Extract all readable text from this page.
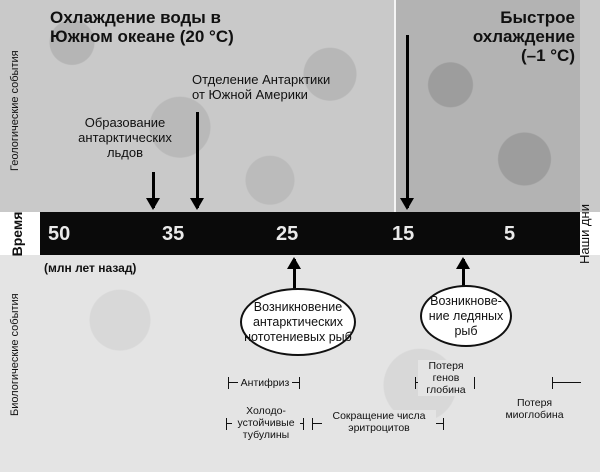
50	35	25	15	5
(млн лет назад)
Геологические события
Время
Биологические события
Наши дни
Охлаждение воды в Южном океане (20 °C)
Быстрое охлаждение (–1 °C)
Образование антарктических льдов
Отделение Антарктики от Южной Америки
Возникновение антарктических нототениевых рыб
Возникнове-ние ледяных рыб
Антифриз
Потеря генов глобина
Потеря миоглобина
Холодо-устойчивые тубулины
Сокращение числа эритроцитов
